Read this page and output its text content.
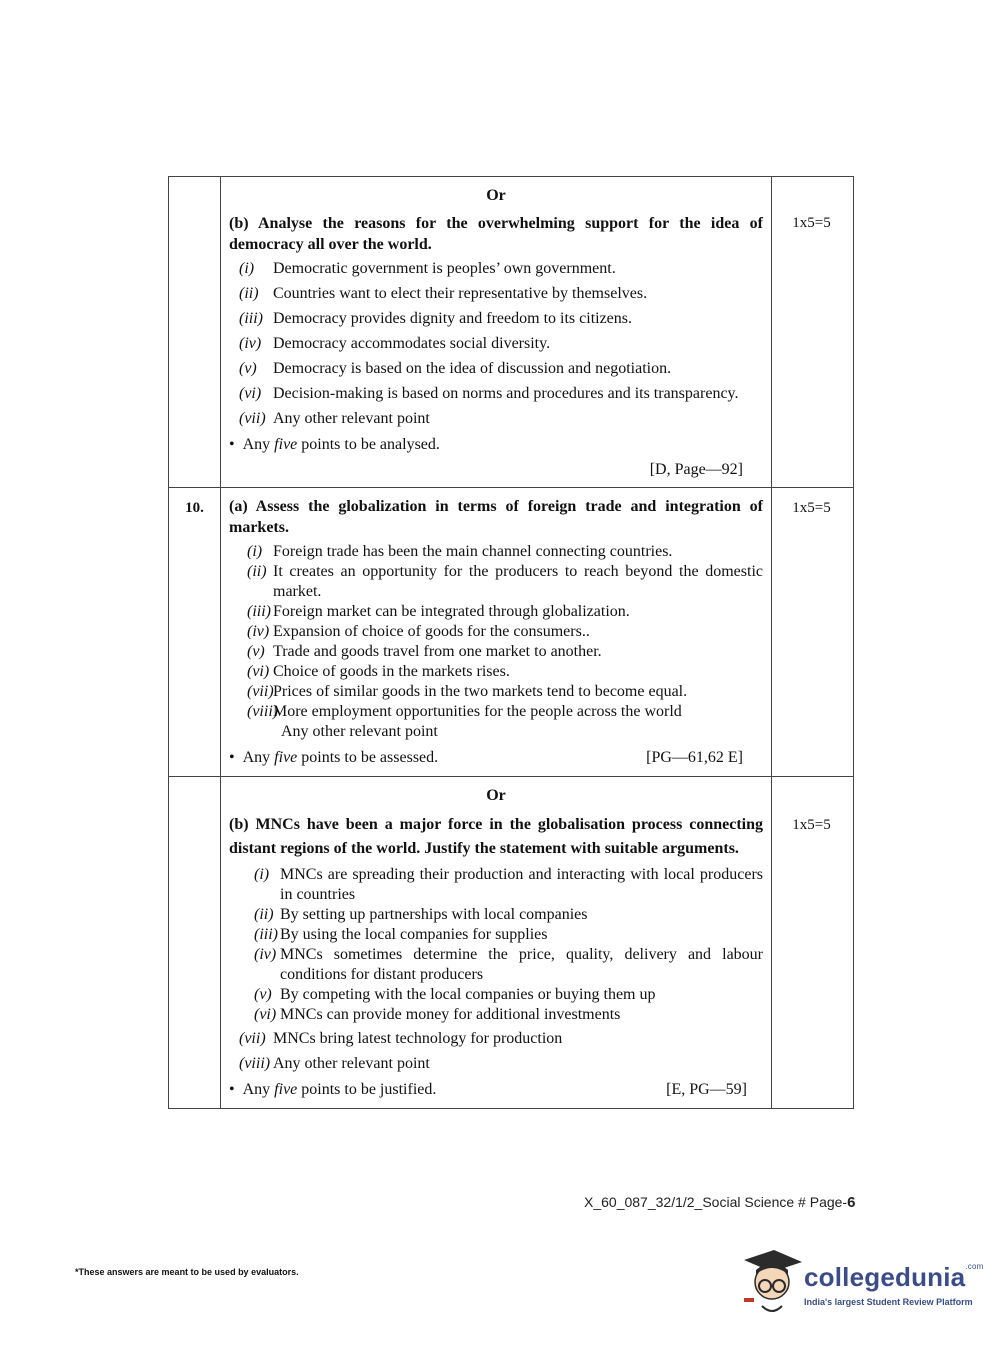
Or
(b) Analyse the reasons for the overwhelming support for the idea of democracy all over the world.
(i)	Democratic government is peoples’ own government.
(ii) Countries want to elect their representative by themselves.
(iii) Democracy provides dignity and freedom to its citizens.
(iv) Democracy accommodates social diversity.
(v)	Democracy is based on the idea of discussion and negotiation.
(vi) Decision-making is based on norms and procedures and its transparency.
(vii) Any other relevant point
• Any five points to be analysed.
[D, Page—92]
1x5=5
10.	(a) Assess the globalization in terms of foreign trade and integration of markets.
(i) Foreign trade has been the main channel connecting countries.
(ii) It creates an opportunity for the producers to reach beyond the domestic market.
(iii) Foreign market can be integrated through globalization.
(iv) Expansion of choice of goods for the consumers..
(v) Trade and goods travel from one market to another.
(vi) Choice of goods in the markets rises.
(vii) Prices of similar goods in the two markets tend to become equal.
(viii)
More employment opportunities for the people across the world
Any other relevant point
• Any five points to be assessed.	[PG—61,62 E]
1x5=5
Or
(b) MNCs have been a major force in the globalisation process connecting distant regions of the world. Justify the statement with suitable arguments.
(i) MNCs are spreading their production and interacting with local producers in countries
(ii) By setting up partnerships with local companies
(iii) By using the local companies for supplies
(iv) MNCs sometimes determine the price, quality, delivery and labour conditions for distant producers
(v) By competing with the local companies or buying them up
(vi) MNCs can provide money for additional investments
(vii) MNCs bring latest technology for production
(viii) Any other relevant point
• Any five points to be justified.	[E, PG—59]
1x5=5
X_60_087_32/1/2_Social Science # Page-6
*These answers are meant to be used by evaluators.	collegedunia$^{.com}$
India's largest Student Review Platform
